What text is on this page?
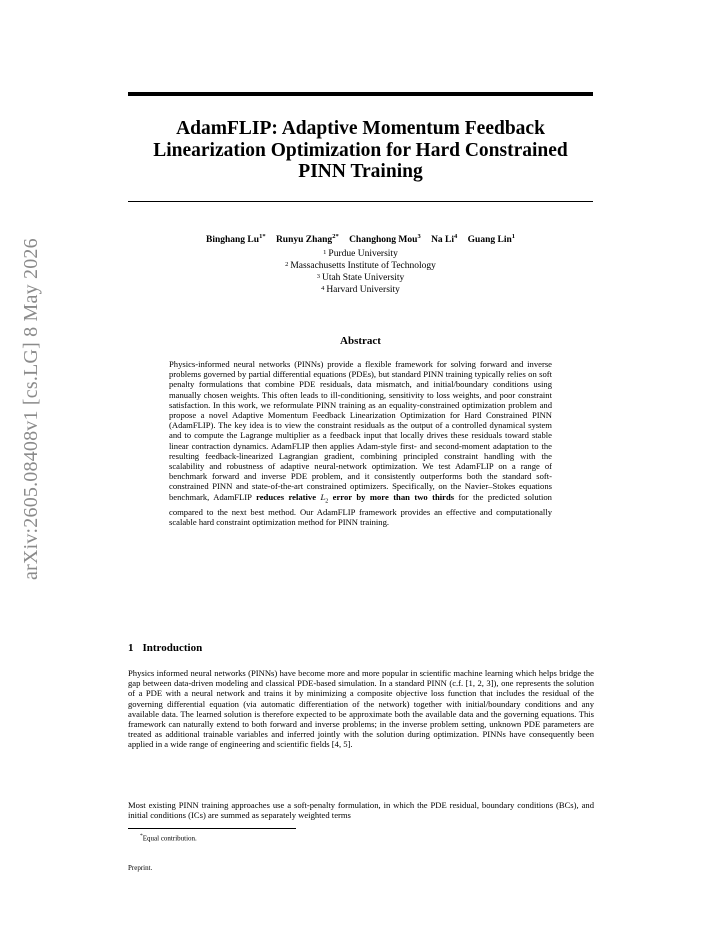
arXiv:2605.08408v1 [cs.LG] 8 May 2026
AdamFLIP: Adaptive Momentum Feedback Linearization Optimization for Hard Constrained PINN Training
Binghang $Lu^{1*}$ Runyu Zhang$^{2*}$ Changhong Mou$^3$ Na Li$^4$ Guang Lin$^1$
$^1$ Purdue University
$^2$ Massachusetts Institute of Technology
$^3$ Utah State University
$^4$ Harvard University
Abstract
Physics-informed neural networks (PINNs) provide a flexible framework for solving forward and inverse problems governed by partial differential equations (PDEs), but standard PINN training typically relies on soft penalty formulations that combine PDE residuals, data mismatch, and initial/boundary conditions using manually chosen weights. This often leads to ill-conditioning, sensitivity to loss weights, and poor constraint satisfaction. In this work, we reformulate PINN training as an equality-constrained optimization problem and propose a novel Adaptive Momentum Feedback Linearization Optimization for Hard Constrained PINN (AdamFLIP). The key idea is to view the constraint residuals as the output of a controlled dynamical system and to compute the Lagrange multiplier as a feedback input that locally drives these residuals toward stable linear contraction dynamics. AdamFLIP then applies Adam-style first- and second-moment adaptation to the resulting feedback-linearized Lagrangian gradient, combining principled constraint handling with the scalability and robustness of adaptive neural-network optimization. We test AdamFLIP on a range of benchmark forward and inverse PDE problem, and it consistently outperforms both the standard soft-constrained PINN and state-of-the-art constrained optimizers. Specifically, on the Navier–Stokes equations benchmark, AdamFLIP reduces relative $L_2$ error by more than two thirds for the predicted solution compared to the next best method. Our AdamFLIP framework provides an effective and computationally scalable hard constraint optimization method for PINN training.
1 Introduction
Physics informed neural networks (PINNs) have become more and more popular in scientific machine learning which helps bridge the gap between data-driven modeling and classical PDE-based simulation. In a standard PINN (c.f. [1, 2, 3]), one represents the solution of a PDE with a neural network and trains it by minimizing a composite objective loss function that includes the residual of the governing differential equation (via automatic differentiation of the network) together with initial/boundary conditions and any available data. The learned solution is therefore expected to be approximate both the available data and the governing equations. This framework can naturally extend to both forward and inverse problems; in the inverse problem setting, unknown PDE parameters are treated as additional trainable variables and inferred jointly with the solution during optimization. PINNs have consequently been applied in a wide range of engineering and scientific fields [4, 5].
Most existing PINN training approaches use a soft-penalty formulation, in which the PDE residual, boundary conditions (BCs), and initial conditions (ICs) are summed as separately weighted terms
*Equal contribution.
Preprint.
